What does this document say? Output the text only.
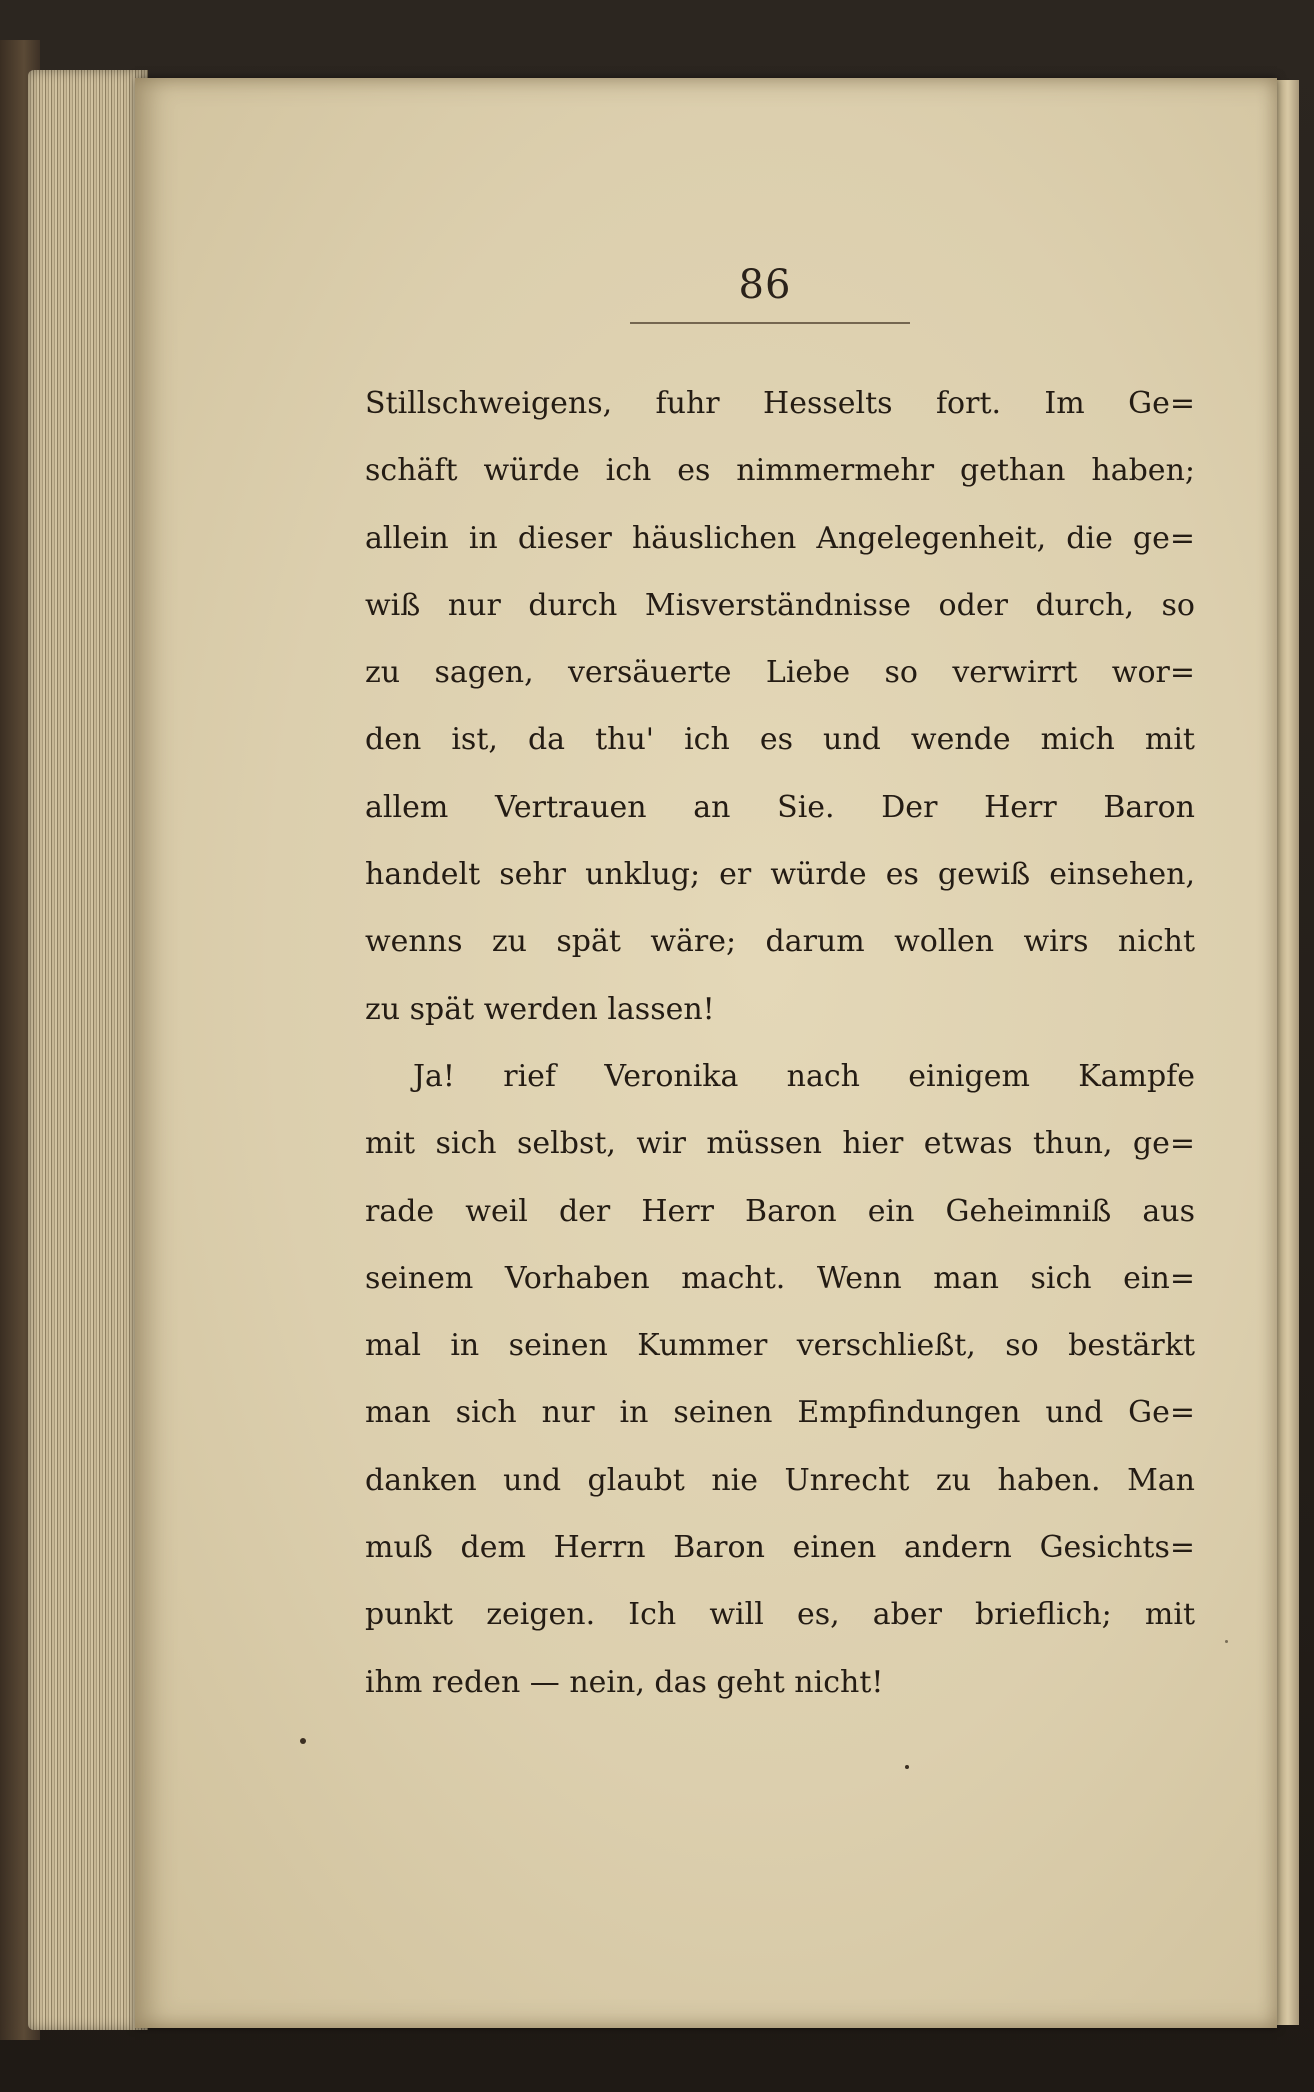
86
Stillschweigens, fuhr Hesselts fort. Im Ge=
schäft würde ich es nimmermehr gethan haben;
allein in dieser häuslichen Angelegenheit, die ge=
wiß nur durch Misverständnisse oder durch, so
zu sagen, versäuerte Liebe so verwirrt wor=
den ist, da thu' ich es und wende mich mit
allem Vertrauen an Sie. Der Herr Baron
handelt sehr unklug; er würde es gewiß einsehen,
wenns zu spät wäre; darum wollen wirs nicht
zu spät werden lassen!
Ja! rief Veronika nach einigem Kampfe
mit sich selbst, wir müssen hier etwas thun, ge=
rade weil der Herr Baron ein Geheimniß aus
seinem Vorhaben macht. Wenn man sich ein=
mal in seinen Kummer verschließt, so bestärkt
man sich nur in seinen Empfindungen und Ge=
danken und glaubt nie Unrecht zu haben. Man
muß dem Herrn Baron einen andern Gesichts=
punkt zeigen. Ich will es, aber brieflich; mit
ihm reden — nein, das geht nicht!
